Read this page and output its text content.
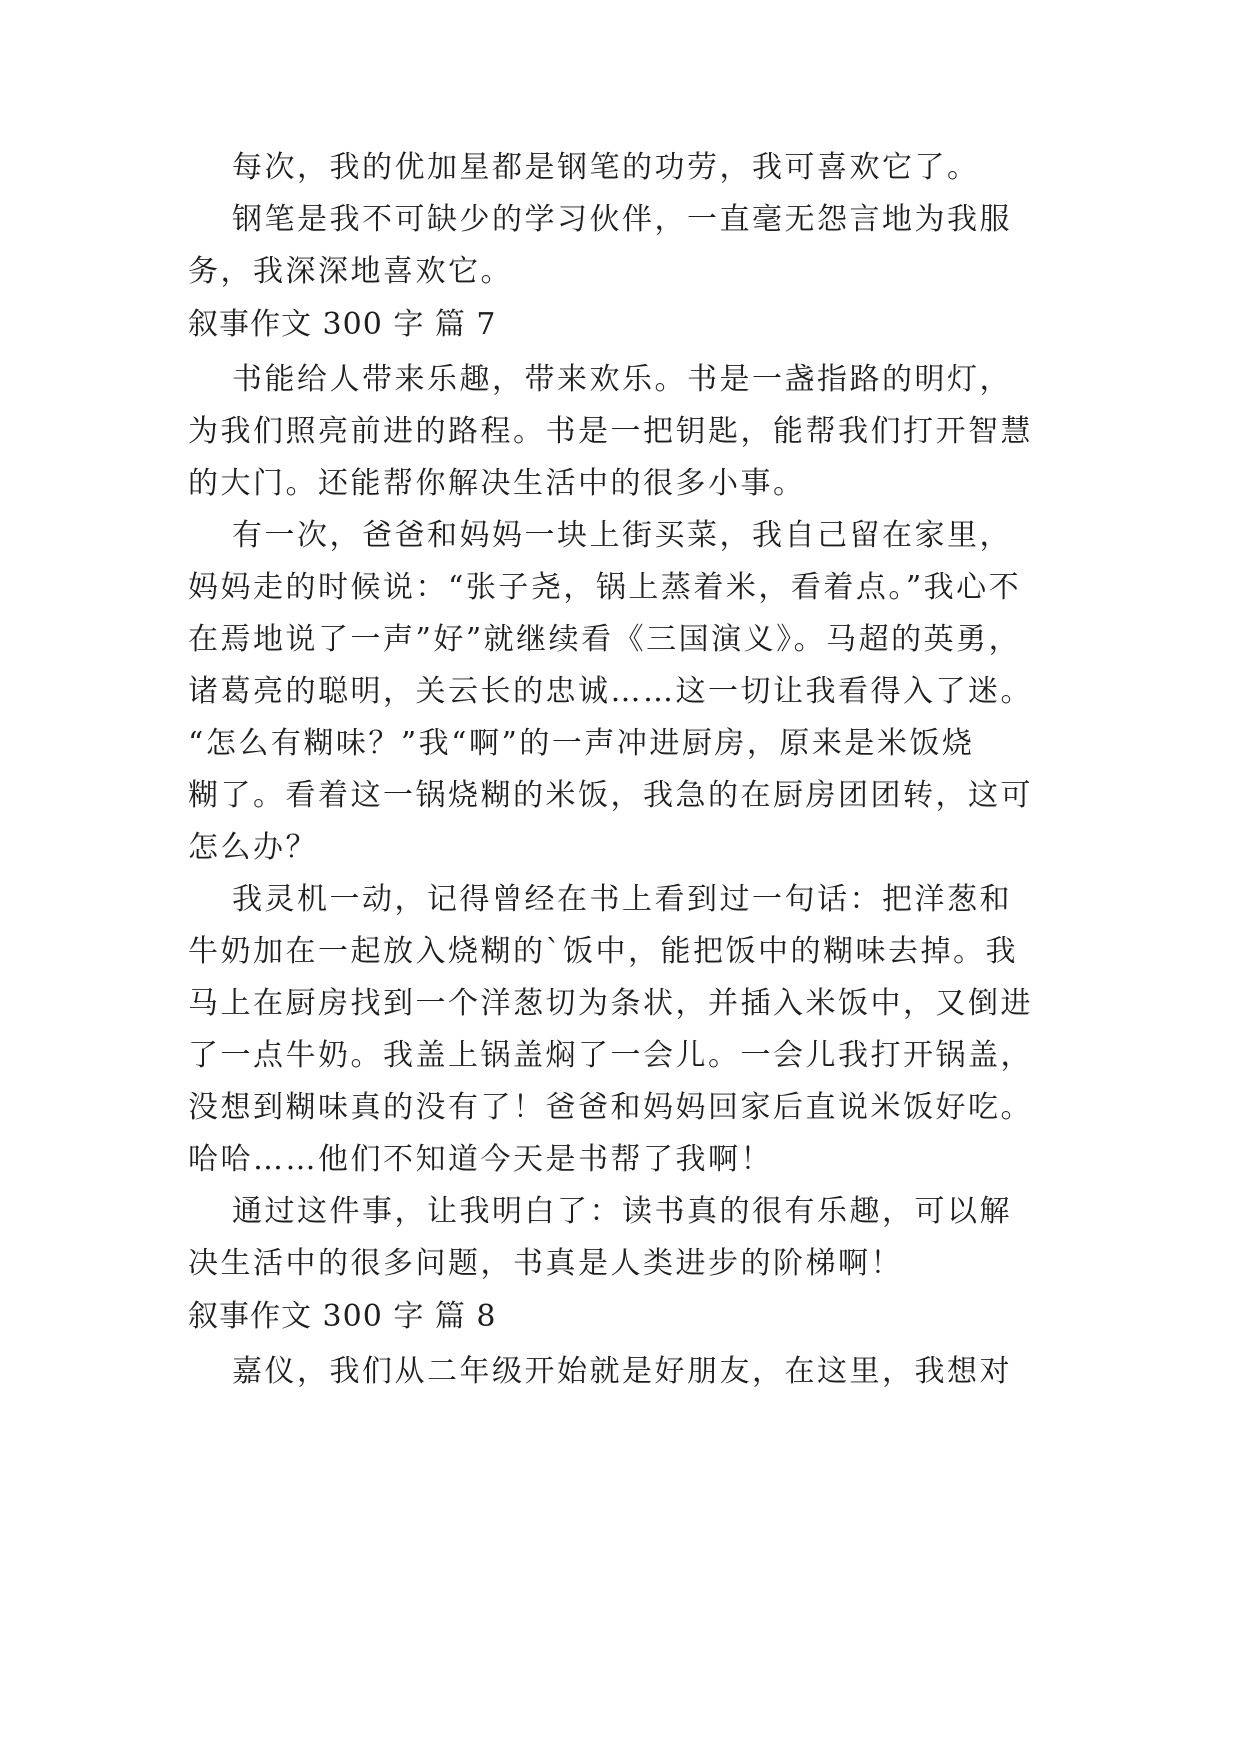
每次，我的优加星都是钢笔的功劳，我可喜欢它了。
钢笔是我不可缺少的学习伙伴，一直毫无怨言地为我服
务，我深深地喜欢它。
叙事作文 300 字 篇 7
书能给人带来乐趣，带来欢乐。书是一盏指路的明灯，
为我们照亮前进的路程。书是一把钥匙，能帮我们打开智慧
的大门。还能帮你解决生活中的很多小事。
有一次，爸爸和妈妈一块上街买菜，我自己留在家里，
妈妈走的时候说：“张子尧，锅上蒸着米，看着点。”我心不
在焉地说了一声”好”就继续看《三国演义》。马超的英勇，
诸葛亮的聪明，关云长的忠诚……这一切让我看得入了迷。
“怎么有糊味？”我“啊”的一声冲进厨房，原来是米饭烧
糊了。看着这一锅烧糊的米饭，我急的在厨房团团转，这可
怎么办？
我灵机一动，记得曾经在书上看到过一句话：把洋葱和
牛奶加在一起放入烧糊的`饭中，能把饭中的糊味去掉。我
马上在厨房找到一个洋葱切为条状，并插入米饭中，又倒进
了一点牛奶。我盖上锅盖焖了一会儿。一会儿我打开锅盖，
没想到糊味真的没有了！爸爸和妈妈回家后直说米饭好吃。
哈哈……他们不知道今天是书帮了我啊！
通过这件事，让我明白了：读书真的很有乐趣，可以解
决生活中的很多问题，书真是人类进步的阶梯啊！
叙事作文 300 字 篇 8
嘉仪，我们从二年级开始就是好朋友，在这里，我想对
